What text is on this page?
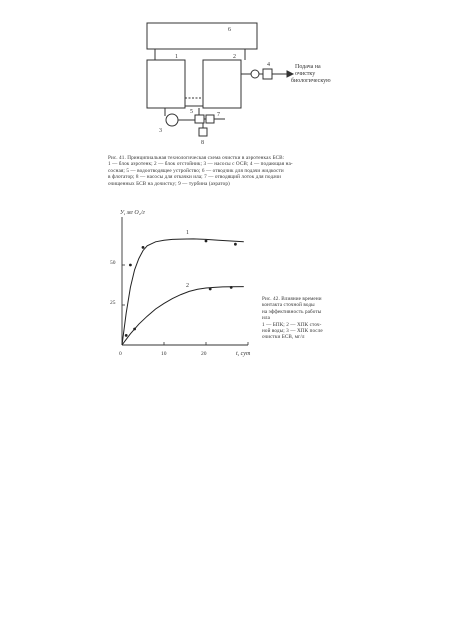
6
1	2
3
4
5	7
8
Подача на
очистку
биологическую
Рис. 41. Принципиальная технологическая схема очистки в аэротенках БСВ:
1 — блок аэротенк; 2 — блок отстойник; 3 — насосы с ОСВ; 4 — подающая на-
сосная; 5 — водоотводящее устройство; 6 — отводчик для подачи жидкости
в флотатор; 8 — насосы для откачки ила; 7 — отводящий лоток для подачи
очищенных БСВ на дочистку; 9 — турбина (аэратор)
У, мг О₂/г
t, сут
50
25
0	10	20
1
2
Рис. 42. Влияние времени
контакта сточной воды
на эффективность работы
ила
1 — БПК; 2 — ХПК сточ-
ной воды; 3 — ХПК после
очистки БСВ, мг/л
